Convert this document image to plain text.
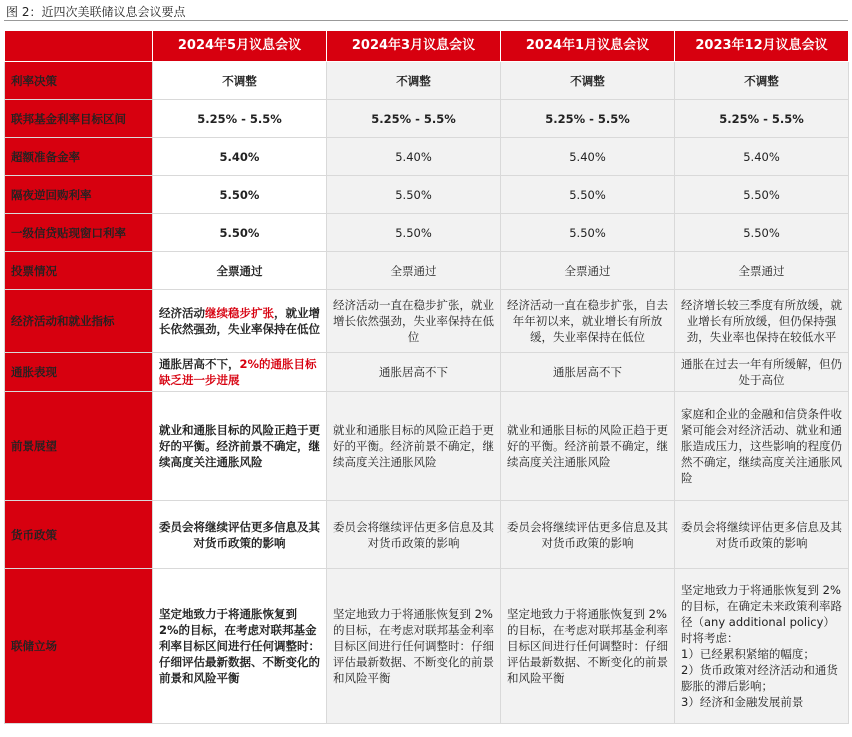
图 2：近四次美联储议息会议要点
	2024年5月议息会议	2024年3月议息会议	2024年1月议息会议	2023年12月议息会议
利率决策	不调整	不调整	不调整	不调整
联邦基金利率目标区间	5.25% - 5.5%	5.25% - 5.5%	5.25% - 5.5%	5.25% - 5.5%
超额准备金率	5.40%	5.40%	5.40%	5.40%
隔夜逆回购利率	5.50%	5.50%	5.50%	5.50%
一级信贷贴现窗口利率	5.50%	5.50%	5.50%	5.50%
投票情况	全票通过	全票通过	全票通过	全票通过
经济活动和就业指标	经济活动继续稳步扩张，就业增长依然强劲，失业率保持在低位	经济活动一直在稳步扩张，就业增长依然强劲，失业率保持在低位	经济活动一直在稳步扩张，自去年年初以来，就业增长有所放缓，失业率保持在低位	经济增长较三季度有所放缓，就业增长有所放缓，但仍保持强劲，失业率也保持在较低水平
通胀表现	通胀居高不下，2%的通胀目标缺乏进一步进展	通胀居高不下	通胀居高不下	通胀在过去一年有所缓解，但仍处于高位
前景展望	就业和通胀目标的风险正趋于更好的平衡。经济前景不确定，继续高度关注通胀风险	就业和通胀目标的风险正趋于更好的平衡。经济前景不确定，继续高度关注通胀风险	就业和通胀目标的风险正趋于更好的平衡。经济前景不确定，继续高度关注通胀风险	家庭和企业的金融和信贷条件收紧可能会对经济活动、就业和通胀造成压力，这些影响的程度仍然不确定，继续高度关注通胀风险
货币政策	委员会将继续评估更多信息及其对货币政策的影响	委员会将继续评估更多信息及其对货币政策的影响	委员会将继续评估更多信息及其对货币政策的影响	委员会将继续评估更多信息及其对货币政策的影响
联储立场	坚定地致力于将通胀恢复到 2%的目标，在考虑对联邦基金利率目标区间进行任何调整时：仔细评估最新数据、不断变化的前景和风险平衡	坚定地致力于将通胀恢复到 2%的目标，在考虑对联邦基金利率目标区间进行任何调整时：仔细评估最新数据、不断变化的前景和风险平衡	坚定地致力于将通胀恢复到 2%的目标，在考虑对联邦基金利率目标区间进行任何调整时：仔细评估最新数据、不断变化的前景和风险平衡	坚定地致力于将通胀恢复到 2%的目标，在确定未来政策利率路径（any additional policy）时将考虑：
1）已经累积紧缩的幅度；
2）货币政策对经济活动和通货膨胀的滞后影响；
3）经济和金融发展前景
